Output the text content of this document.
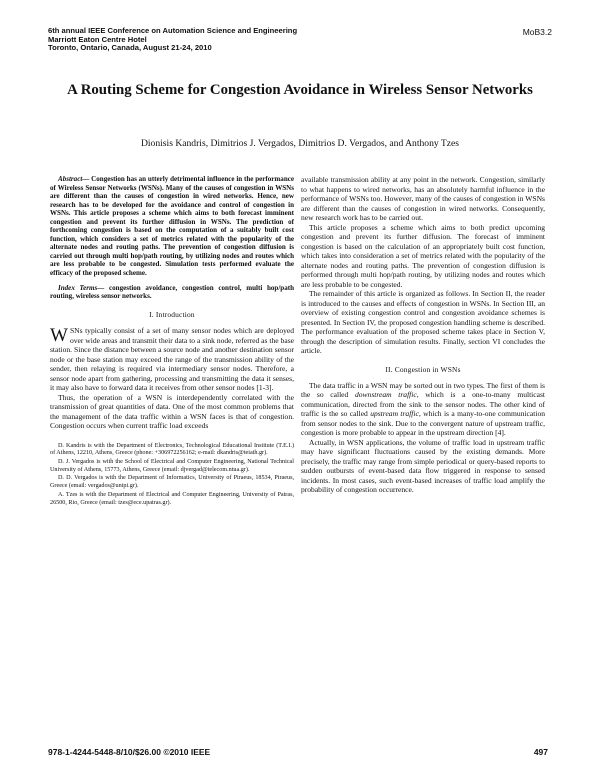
6th annual IEEE Conference on Automation Science and Engineering
Marriott Eaton Centre Hotel
Toronto, Ontario, Canada, August 21-24, 2010
MoB3.2
A Routing Scheme for Congestion Avoidance in Wireless Sensor Networks
Dionisis Kandris, Dimitrios J. Vergados, Dimitrios D. Vergados, and Anthony Tzes

Abstract— Congestion has an utterly detrimental influence in the performance of Wireless Sensor Networks (WSNs). Many of the causes of congestion in WSNs are different than the causes of congestion in wired networks. Hence, new research has to be developed for the avoidance and control of congestion in WSNs. This article proposes a scheme which aims to both forecast imminent congestion and prevent its further diffusion in WSNs. The prediction of forthcoming congestion is based on the computation of a suitably built cost function, which considers a set of metrics related with the popularity of the alternate nodes and routing paths. The prevention of congestion diffusion is carried out through multi hop/path routing, by utilizing nodes and routes which are less probable to be congested. Simulation tests performed evaluate the efficacy of the proposed scheme.

Index Terms— congestion avoidance, congestion control, multi hop/path routing, wireless sensor networks.

I. Introduction

W SNs typically consist of a set of many sensor nodes which are deployed over wide areas and transmit their data to a sink node, referred as the base station. Since the distance between a source node and another destination sensor node or the base station may exceed the range of the transmission ability of the sender, then relaying is required via intermediary sensor nodes. Therefore, a sensor node apart from gathering, processing and transmitting the data it senses, it may also have to forward data it receives from other sensor nodes [1-3].

Thus, the operation of a WSN is interdependently correlated with the transmission of great quantities of data. One of the most common problems that the management of the data traffic within a WSN faces is that of congestion. Congestion occurs when current traffic load exceeds

D. Kandris is with the Department of Electronics, Technological Educational Institute (T.E.I.) of Athens, 12210, Athens, Greece (phone: +306972256162; e-mail: dkandris@teiath.gr).

D. J. Vergados is with the School of Electrical and Computer Engineering, National Technical University of Athens, 15773, Athens, Greece (email: djvergad@telecom.ntua.gr).

D. D. Vergados is with the Department of Informatics, University of Piraeus, 18534, Piraeus, Greece (email: vergados@unipi.gr).

A. Tzes is with the Department of Electrical and Computer Engineering, University of Patras, 26500, Rio, Greece (email: tzes@ece.upatras.gr).

available transmission ability at any point in the network. Congestion, similarly to what happens to wired networks, has an absolutely harmful influence in the performance of WSNs too. However, many of the causes of congestion in WSNs are different than the causes of congestion in wired networks. Consequently, new research work has to be carried out.

This article proposes a scheme which aims to both predict upcoming congestion and prevent its further diffusion. The forecast of imminent congestion is based on the calculation of an appropriately built cost function, which takes into consideration a set of metrics related with the popularity of the alternate nodes and routing paths. The prevention of congestion diffusion is performed through multi hop/path routing, by utilizing nodes and routes which are less probable to be congested.

The remainder of this article is organized as follows. In Section II, the reader is introduced to the causes and effects of congestion in WSNs. In Section III, an overview of existing congestion control and congestion avoidance schemes is presented. In Section IV, the proposed congestion handling scheme is described. The performance evaluation of the proposed scheme takes place in Section V, through the description of simulation results. Finally, section VI concludes the article.

II. Congestion in WSNs

The data traffic in a WSN may be sorted out in two types. The first of them is the so called downstream traffic, which is a one-to-many multicast communication, directed from the sink to the sensor nodes. The other kind of traffic is the so called upstream traffic, which is a many-to-one communication from sensor nodes to the sink. Due to the convergent nature of upstream traffic, congestion is more probable to appear in the upstream direction [4].

Actually, in WSN applications, the volume of traffic load in upstream traffic may have significant fluctuations caused by the existing demands. More precisely, the traffic may range from simple periodical or query-based reports to sudden outbursts of event-based data flow triggered in response to sensed incidents. In most cases, such event-based increases of traffic load amplify the probability of congestion occurrence.

978-1-4244-5448-8/10/$26.00 ©2010 IEEE	497
